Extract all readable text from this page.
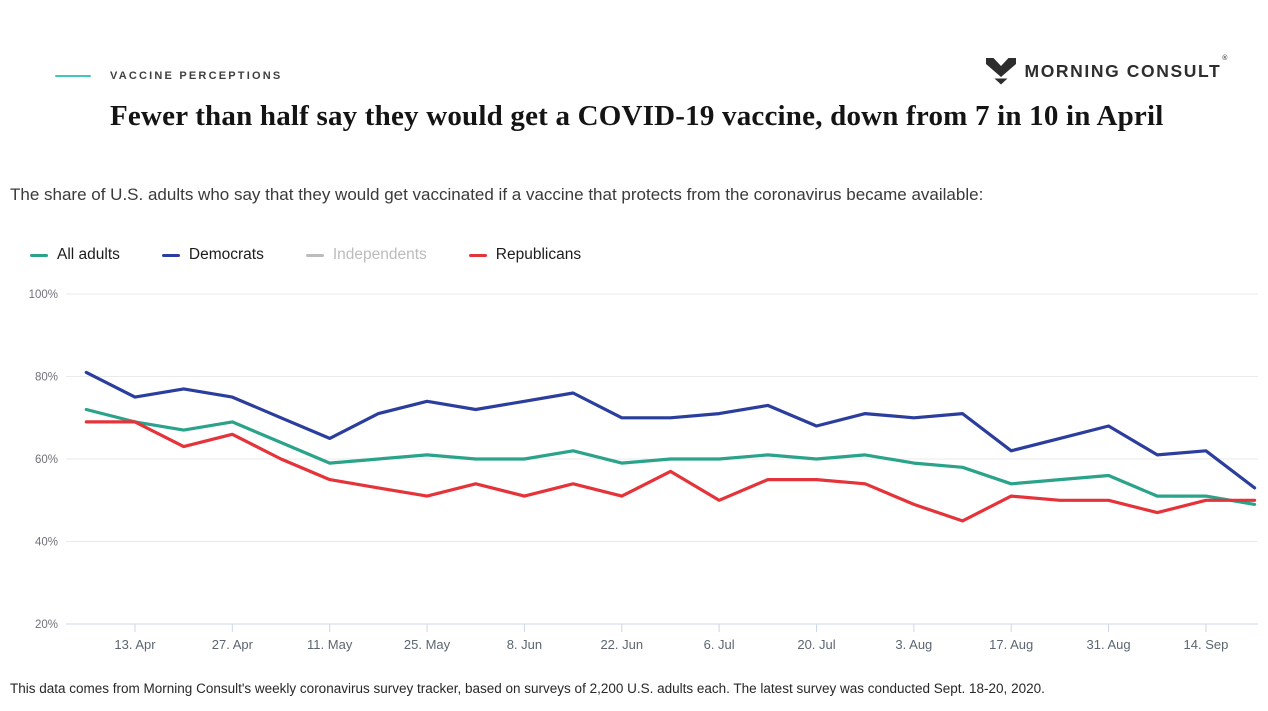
VACCINE PERCEPTIONS	MORNING CONSULT®
Fewer than half say they would get a COVID-19 vaccine, down from 7 in 10 in April
The share of U.S. adults who say that they would get vaccinated if a vaccine that protects from the coronavirus became available:
All adults	Democrats	Independents	Republicans
100%
80%
60%
40%
20%
13. Apr	27. Apr	11. May	25. May	8. Jun	22. Jun	6. Jul	20. Jul	3. Aug	17. Aug	31. Aug	14. Sep
This data comes from Morning Consult's weekly coronavirus survey tracker, based on surveys of 2,200 U.S. adults each. The latest survey was conducted Sept. 18-20, 2020.
